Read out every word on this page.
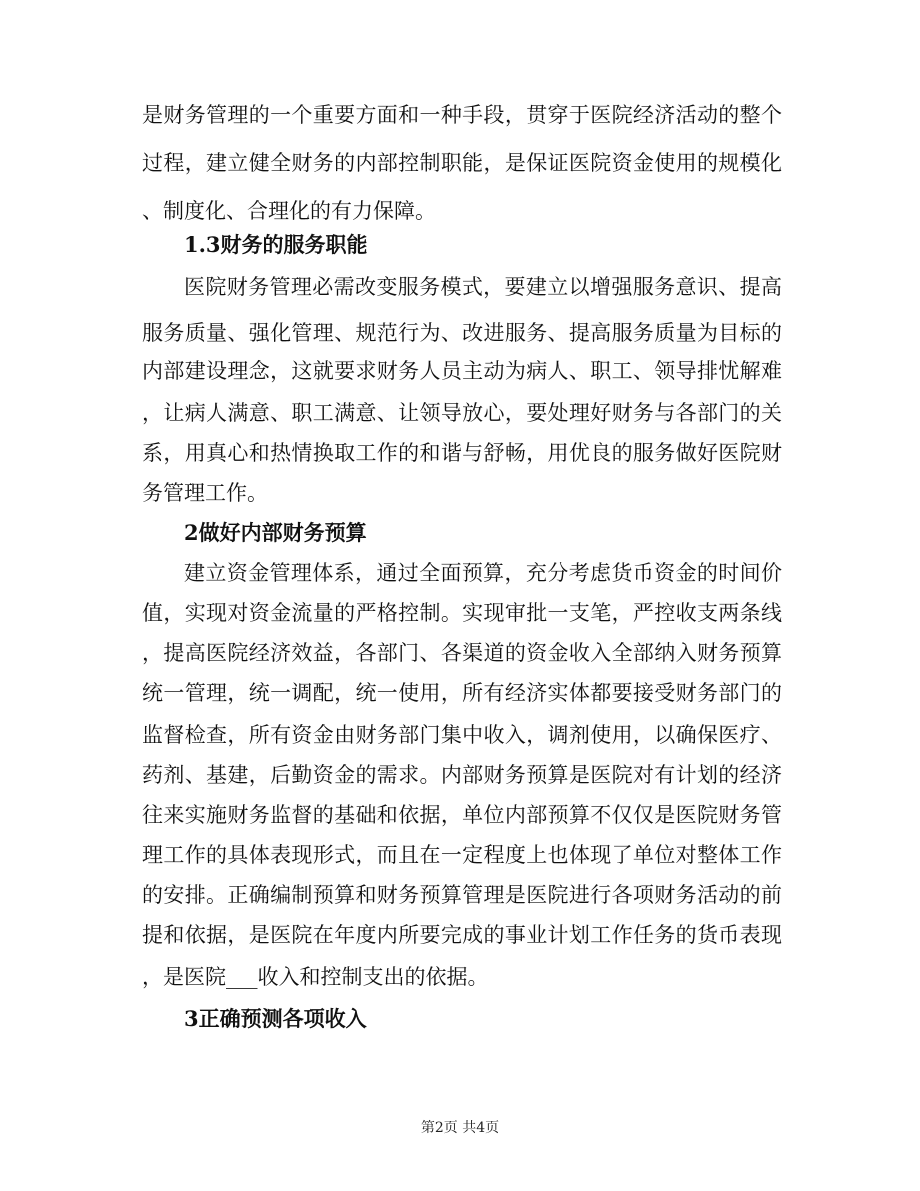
是财务管理的一个重要方面和一种手段，贯穿于医院经济活动的整个
过程，建立健全财务的内部控制职能，是保证医院资金使用的规模化
、制度化、合理化的有力保障。
1.3财务的服务职能
医院财务管理必需改变服务模式，要建立以增强服务意识、提高
服务质量、强化管理、规范行为、改进服务、提高服务质量为目标的
内部建设理念，这就要求财务人员主动为病人、职工、领导排忧解难
，让病人满意、职工满意、让领导放心，要处理好财务与各部门的关
系，用真心和热情换取工作的和谐与舒畅，用优良的服务做好医院财
务管理工作。
2做好内部财务预算
建立资金管理体系，通过全面预算，充分考虑货币资金的时间价
值，实现对资金流量的严格控制。实现审批一支笔，严控收支两条线
，提高医院经济效益，各部门、各渠道的资金收入全部纳入财务预算
统一管理，统一调配，统一使用，所有经济实体都要接受财务部门的
监督检查，所有资金由财务部门集中收入，调剂使用，以确保医疗、
药剂、基建，后勤资金的需求。内部财务预算是医院对有计划的经济
往来实施财务监督的基础和依据，单位内部预算不仅仅是医院财务管
理工作的具体表现形式，而且在一定程度上也体现了单位对整体工作
的安排。正确编制预算和财务预算管理是医院进行各项财务活动的前
提和依据，是医院在年度内所要完成的事业计划工作任务的货币表现
，是医院___收入和控制支出的依据。
3正确预测各项收入
第2页 共4页
